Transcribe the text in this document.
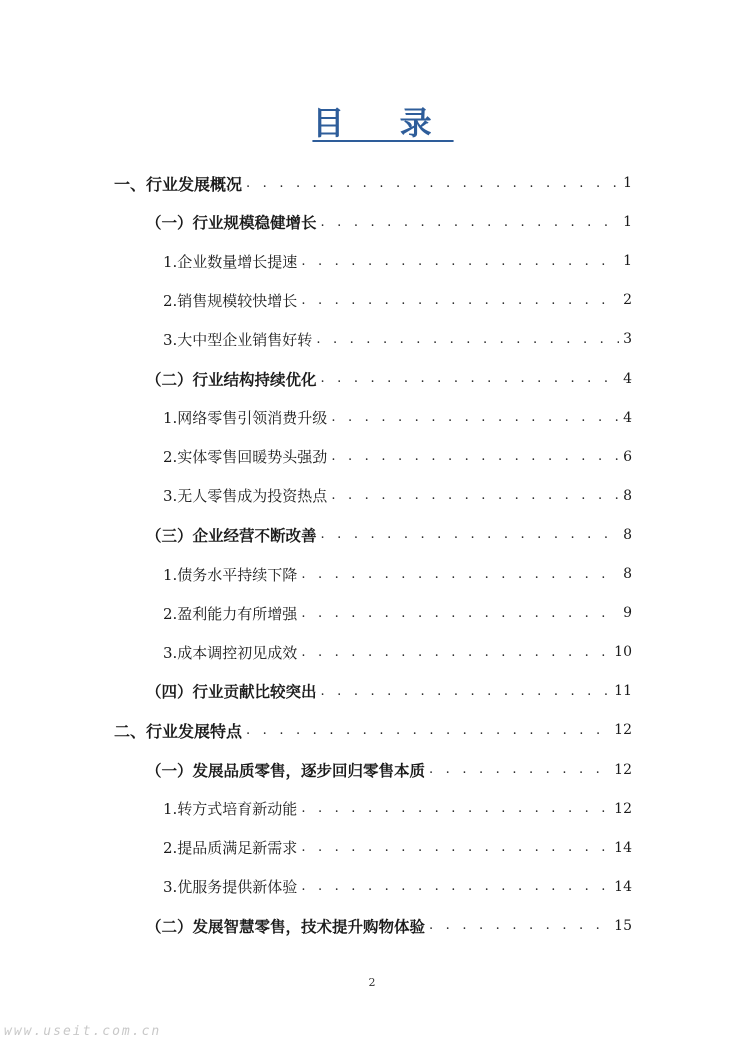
目 录
一、行业发展概况 . . .	1
（一）行业规模稳健增长 . . .	1
1.企业数量增长提速 . . .	1
2.销售规模较快增长 . . .	2
3.大中型企业销售好转 . . .	3
（二）行业结构持续优化 . . .	4
1.网络零售引领消费升级 . . .	4
2.实体零售回暖势头强劲 . . .	6
3.无人零售成为投资热点 . . .	8
（三）企业经营不断改善 . . .	8
1.债务水平持续下降 . . .	8
2.盈利能力有所增强 . . .	9
3.成本调控初见成效 . . .	10
（四）行业贡献比较突出 . . .	11
二、行业发展特点 . . .	12
（一）发展品质零售，逐步回归零售本质 . . .	12
1.转方式培育新动能 . . .	12
2.提品质满足新需求 . . .	14
3.优服务提供新体验 . . .	14
（二）发展智慧零售，技术提升购物体验 . . .	15
2
www.useit.com.cn
